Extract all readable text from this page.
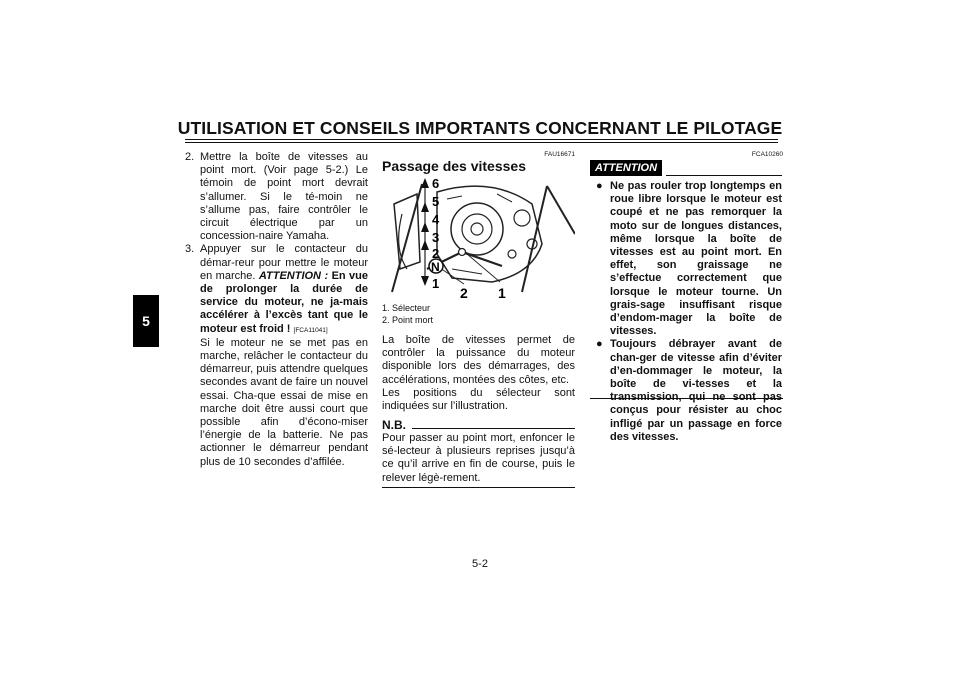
UTILISATION ET CONSEILS IMPORTANTS CONCERNANT LE PILOTAGE
5
2. Mettre la boîte de vitesses au point mort. (Voir page 5-2.) Le témoin de point mort devrait s’allumer. Si le té-moin ne s’allume pas, faire contrôler le circuit électrique par un concession-naire Yamaha.
3. Appuyer sur le contacteur du démar-reur pour mettre le moteur en marche. ATTENTION : En vue de prolonger la durée de service du moteur, ne ja-mais accélérer à l’excès tant que le moteur est froid ! [FCA11041]
Si le moteur ne se met pas en marche, relâcher le contacteur du démarreur, puis attendre quelques secondes avant de faire un nouvel essai. Cha-que essai de mise en marche doit être aussi court que possible afin d’écono-miser l’énergie de la batterie. Ne pas actionner le démarreur pendant plus de 10 secondes d’affilée.
FAU16671
Passage des vitesses
6
5
4
3
2
N
1
2 1
1. Sélecteur
2. Point mort
La boîte de vitesses permet de contrôler la puissance du moteur disponible lors des démarrages, des accélérations, montées des côtes, etc.
Les positions du sélecteur sont indiquées sur l’illustration.
N.B.
Pour passer au point mort, enfoncer le sé-lecteur à plusieurs reprises jusqu’à ce qu’il arrive en fin de course, puis le relever légè-rement.
FCA10260
ATTENTION
● Ne pas rouler trop longtemps en roue libre lorsque le moteur est coupé et ne pas remorquer la moto sur de longues distances, même lorsque la boîte de vitesses est au point mort. En effet, son graissage ne s’effectue correctement que lorsque le moteur tourne. Un grais-sage insuffisant risque d’endom-mager la boîte de vitesses.
● Toujours débrayer avant de chan-ger de vitesse afin d’éviter d’en-dommager le moteur, la boîte de vi-tesses et la transmission, qui ne sont pas conçus pour résister au choc infligé par un passage en force des vitesses.
5-2
